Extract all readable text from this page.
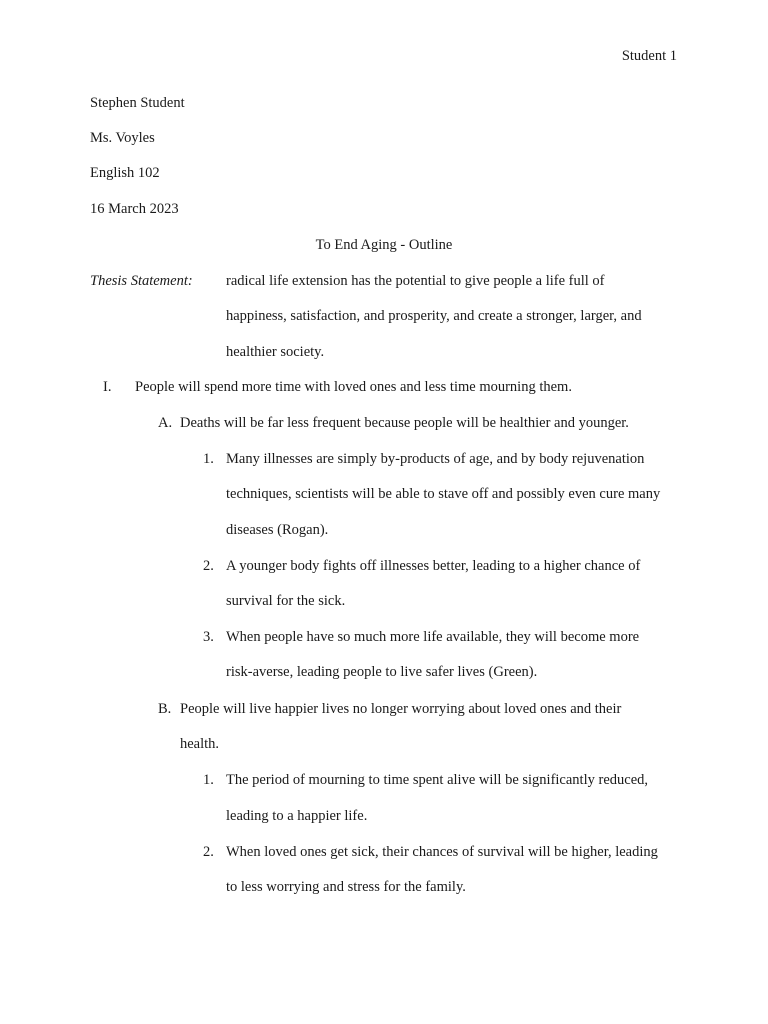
Student 1
Stephen Student
Ms. Voyles
English 102
16 March 2023
To End Aging - Outline
Thesis Statement: radical life extension has the potential to give people a life full of
happiness, satisfaction, and prosperity, and create a stronger, larger, and
healthier society.
I. People will spend more time with loved ones and less time mourning them.
A. Deaths will be far less frequent because people will be healthier and younger.
1. Many illnesses are simply by-products of age, and by body rejuvenation
techniques, scientists will be able to stave off and possibly even cure many
diseases (Rogan).
2. A younger body fights off illnesses better, leading to a higher chance of
survival for the sick.
3. When people have so much more life available, they will become more
risk-averse, leading people to live safer lives (Green).
B. People will live happier lives no longer worrying about loved ones and their
health.
1. The period of mourning to time spent alive will be significantly reduced,
leading to a happier life.
2. When loved ones get sick, their chances of survival will be higher, leading
to less worrying and stress for the family.
